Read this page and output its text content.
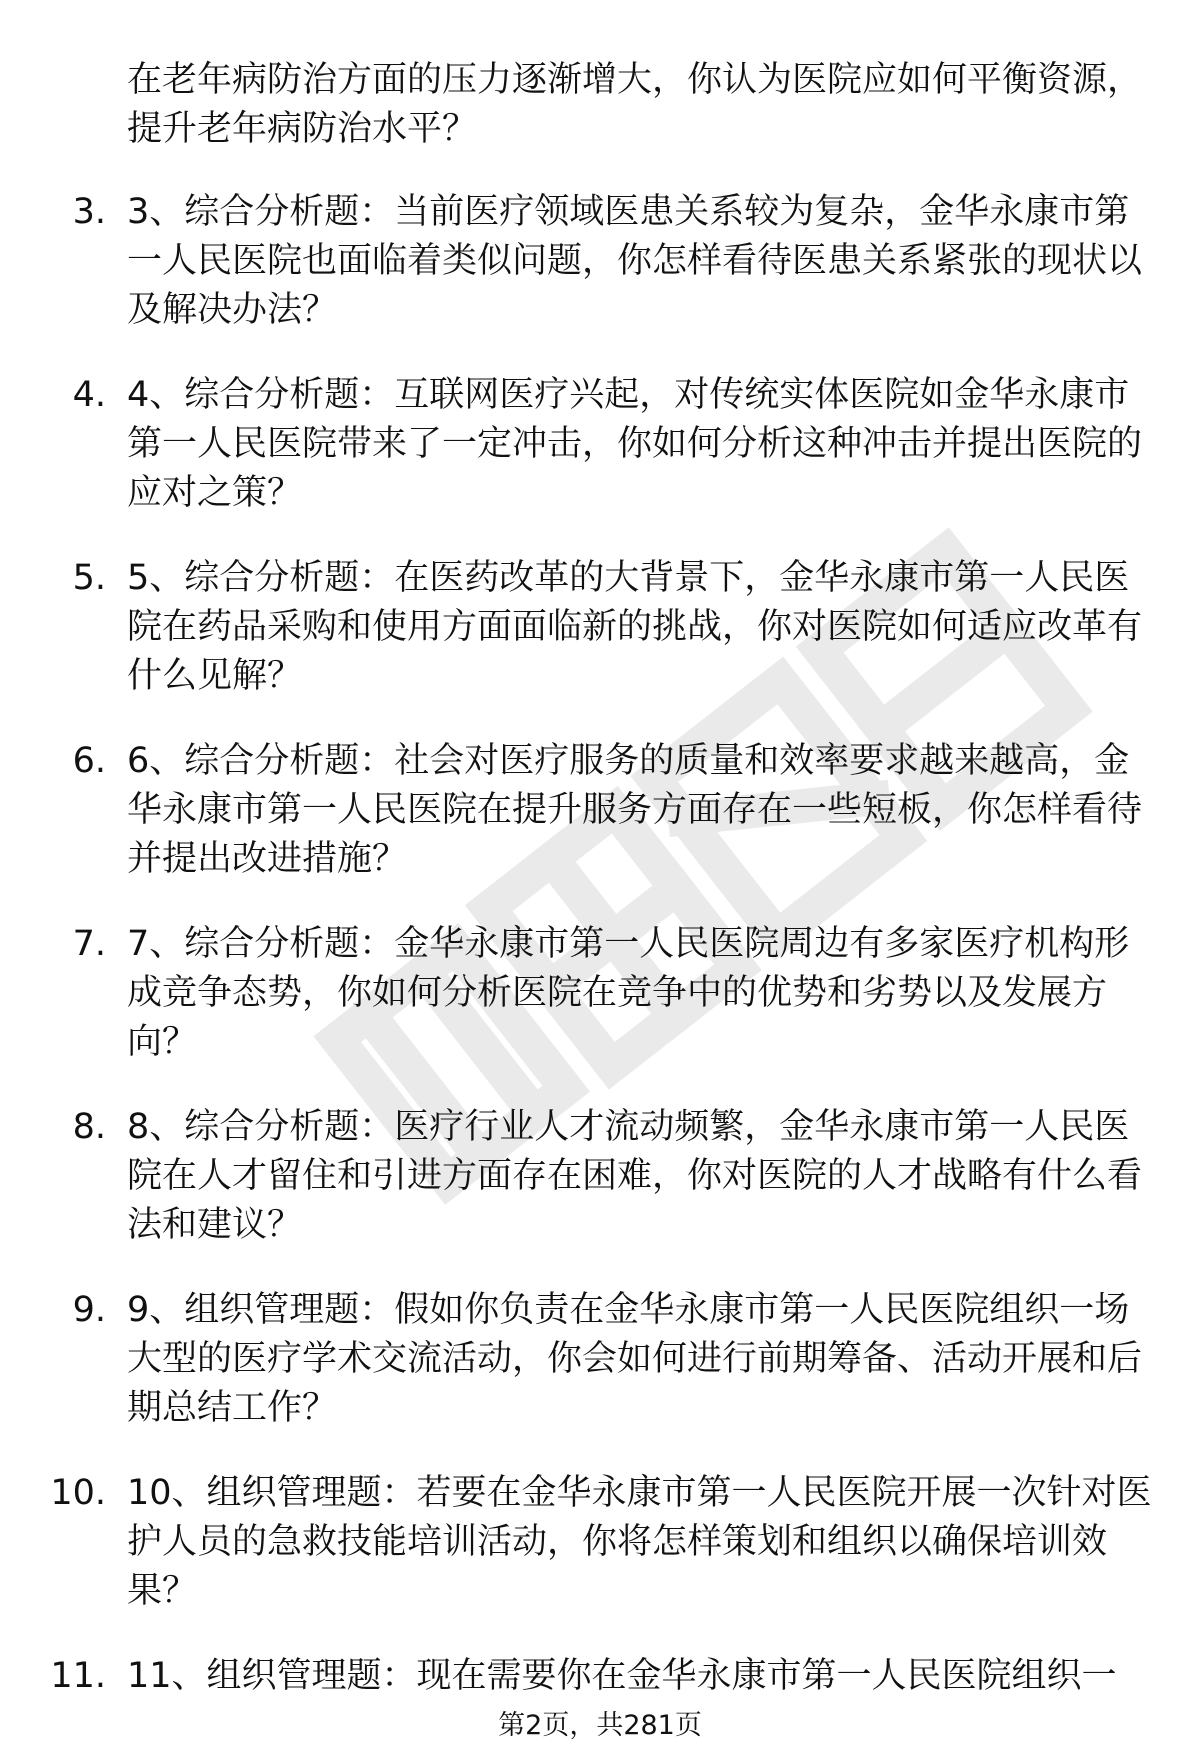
在老年病防治方面的压力逐渐增大，你认为医院应如何平衡资源，提升老年病防治水平？
3. 3、综合分析题：当前医疗领域医患关系较为复杂，金华永康市第一人民医院也面临着类似问题，你怎样看待医患关系紧张的现状以及解决办法？
4. 4、综合分析题：互联网医疗兴起，对传统实体医院如金华永康市第一人民医院带来了一定冲击，你如何分析这种冲击并提出医院的应对之策？
5. 5、综合分析题：在医药改革的大背景下，金华永康市第一人民医院在药品采购和使用方面面临新的挑战，你对医院如何适应改革有什么见解？
6. 6、综合分析题：社会对医疗服务的质量和效率要求越来越高，金华永康市第一人民医院在提升服务方面存在一些短板，你怎样看待并提出改进措施？
7. 7、综合分析题：金华永康市第一人民医院周边有多家医疗机构形成竞争态势，你如何分析医院在竞争中的优势和劣势以及发展方向？
8. 8、综合分析题：医疗行业人才流动频繁，金华永康市第一人民医院在人才留住和引进方面存在困难，你对医院的人才战略有什么看法和建议？
9. 9、组织管理题：假如你负责在金华永康市第一人民医院组织一场大型的医疗学术交流活动，你会如何进行前期筹备、活动开展和后期总结工作？
10. 10、组织管理题：若要在金华永康市第一人民医院开展一次针对医护人员的急救技能培训活动，你将怎样策划和组织以确保培训效果？
11. 11、组织管理题：现在需要你在金华永康市第一人民医院组织一
第2页，共281页
